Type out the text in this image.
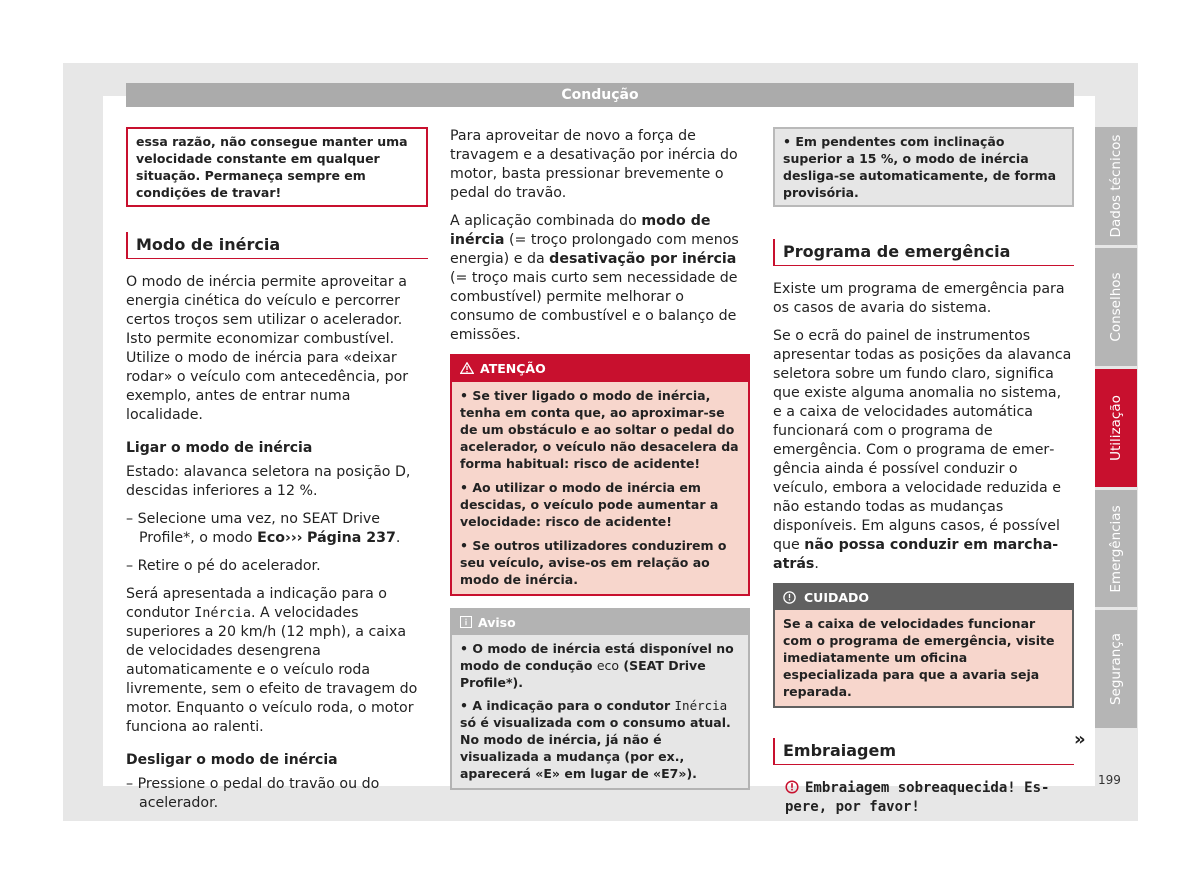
Condução
essa razão, não consegue manter uma velocidade constante em qualquer situação. Permaneça sempre em condições de travar!
Modo de inércia

O modo de inércia permite aproveitar a energia cinética do veículo e percorrer certos troços sem utilizar o acelerador. Isto permite economizar combustível. Utilize o modo de inércia para «deixar rodar» o veículo com antecedência, por exemplo, antes de entrar numa localidade.

Ligar o modo de inércia

Estado: alavanca seletora na posição D, descidas inferiores a 12 %.

– Selecione uma vez, no SEAT Drive Profile*, o modo Eco››› Página 237.

– Retire o pé do acelerador.

Será apresentada a indicação para o condutor Inércia. A velocidades superiores a 20 km/h (12 mph), a caixa de velocidades desengrena automaticamente e o veículo roda livremente, sem o efeito de travagem do motor. Enquanto o veículo roda, o motor funciona ao ralenti.

Desligar o modo de inércia

– Pressione o pedal do travão ou do acelerador.

Para aproveitar de novo a força de travagem e a desativação por inércia do motor, basta pressionar brevemente o pedal do travão.

A aplicação combinada do modo de inércia (= troço prolongado com menos energia) e da desativação por inércia (= troço mais curto sem necessidade de combustível) permite melhorar o consumo de combustível e o balanço de emissões.

ATENÇÃO
• Se tiver ligado o modo de inércia, tenha em conta que, ao aproximar-se de um obstáculo e ao soltar o pedal do acelerador, o veículo não desacelera da forma habitual: risco de acidente!
• Ao utilizar o modo de inércia em descidas, o veículo pode aumentar a velocidade: risco de acidente!
• Se outros utilizadores conduzirem o seu veículo, avise-os em relação ao modo de inércia.
Aviso
• O modo de inércia está disponível no modo de condução eco (SEAT Drive Profile*).
• A indicação para o condutor Inércia só é visualizada com o consumo atual. No modo de inércia, já não é visualizada a mudança (por ex., aparecerá «E» em lugar de «E7»).
• Em pendentes com inclinação superior a 15 %, o modo de inércia desliga-se automaticamente, de forma provisória.
Programa de emergência

Existe um programa de emergência para os casos de avaria do sistema.

Se o ecrã do painel de instrumentos apresentar todas as posições da alavanca seletora sobre um fundo claro, significa que existe alguma anomalia no sistema, e a caixa de velocidades automática funcionará com o programa de emergência. Com o programa de emergência ainda é possível conduzir o veículo, embora a velocidade reduzida e não estando todas as mudanças disponíveis. Em alguns casos, é possível que não possa conduzir em marcha-atrás.

CUIDADO
Se a caixa de velocidades funcionar com o programa de emergência, visite imediatamente um oficina especializada para que a avaria seja reparada.
Embraiagem
Embraiagem sobreaquecida! Espere, por favor!
»
Dados técnicos
Conselhos
Utilização
Emergências
Segurança
199
